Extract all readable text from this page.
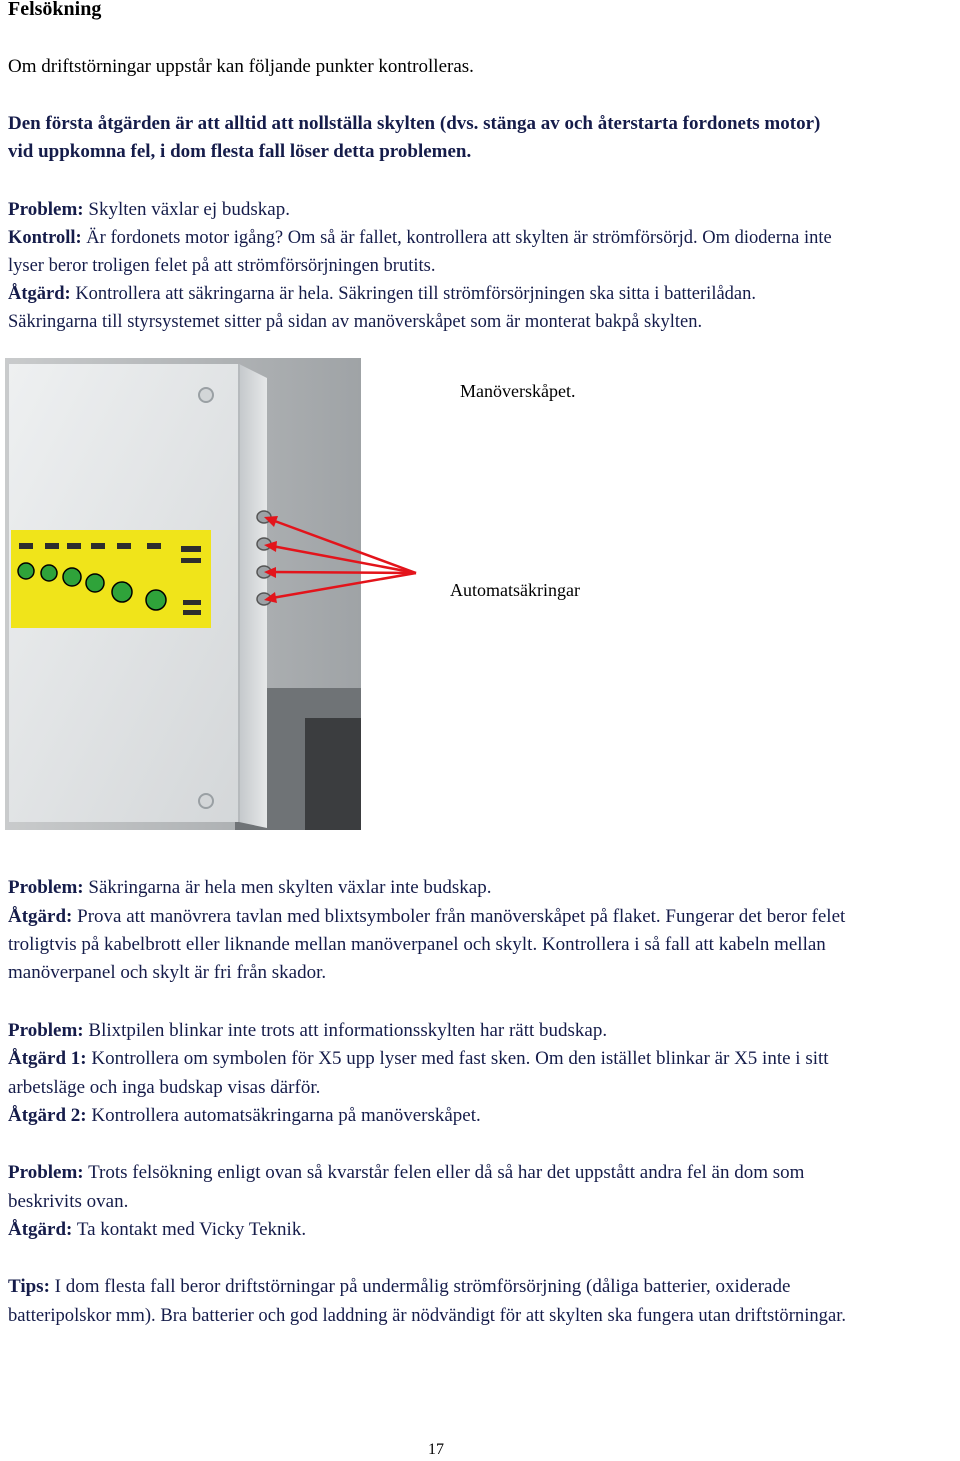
Felsökning
Om driftstörningar uppstår kan följande punkter kontrolleras.
Den första åtgärden är att alltid att nollställa skylten (dvs. stänga av och återstarta fordonets motor)
vid uppkomna fel, i dom flesta fall löser detta problemen.
Problem: Skylten växlar ej budskap.
Kontroll: Är fordonets motor igång? Om så är fallet, kontrollera att skylten är strömförsörjd. Om dioderna inte
lyser beror troligen felet på att strömförsörjningen brutits.
Åtgärd: Kontrollera att säkringarna är hela. Säkringen till strömförsörjningen ska sitta i batterilådan.
Säkringarna till styrsystemet sitter på sidan av manöverskåpet som är monterat bakpå skylten.
Manöverskåpet.
Automatsäkringar
Problem: Säkringarna är hela men skylten växlar inte budskap.
Åtgärd: Prova att manövrera tavlan med blixtsymboler från manöverskåpet på flaket. Fungerar det beror felet
troligtvis på kabelbrott eller liknande mellan manöverpanel och skylt. Kontrollera i så fall att kabeln mellan
manöverpanel och skylt är fri från skador.
Problem: Blixtpilen blinkar inte trots att informationsskylten har rätt budskap.
Åtgärd 1: Kontrollera om symbolen för X5 upp lyser med fast sken. Om den istället blinkar är X5 inte i sitt
arbetsläge och inga budskap visas därför.
Åtgärd 2: Kontrollera automatsäkringarna på manöverskåpet.
Problem: Trots felsökning enligt ovan så kvarstår felen eller då så har det uppstått andra fel än dom som
beskrivits ovan.
Åtgärd: Ta kontakt med Vicky Teknik.
Tips: I dom flesta fall beror driftstörningar på undermålig strömförsörjning (dåliga batterier, oxiderade
batteripolskor mm). Bra batterier och god laddning är nödvändigt för att skylten ska fungera utan driftstörningar.
17
